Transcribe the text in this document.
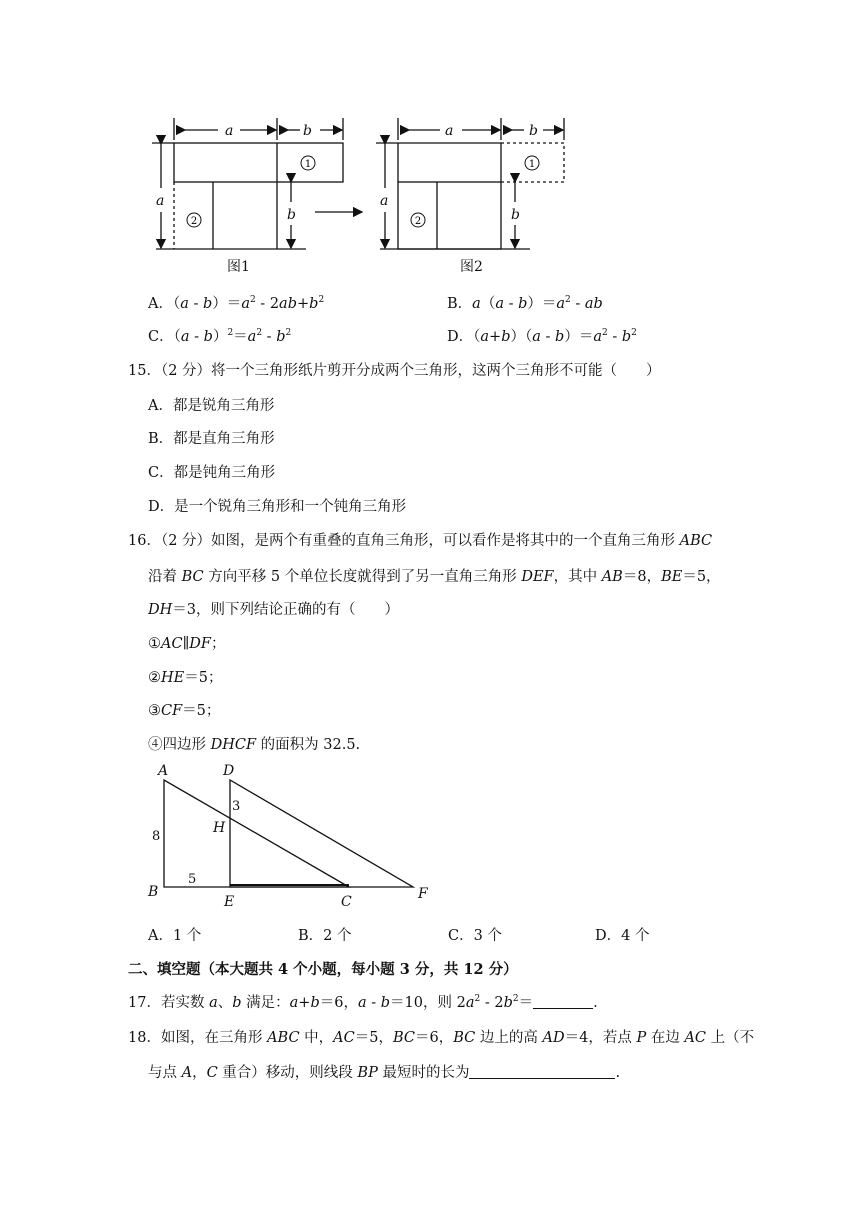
a	b
a
b
图1
a	b
a
b
图2
1
2
1
2
A．$(a - b)=a^2 - 2ab+b^2$	B．$a(a - b)=a^2$ - ab
C．$(a - b)^2=a^2 - b^2$	D．$(a+b)(a - b)=a^2 - b^2$
15．（2 分）将一个三角形纸片剪开分成两个三角形，这两个三角形不可能（　　）
A．都是锐角三角形
B．都是直角三角形
C．都是钝角三角形
D．是一个锐角三角形和一个钝角三角形
16．（2 分）如图，是两个有重叠的直角三角形，可以看作是将其中的一个直角三角形 ABC
沿着 BC 方向平移 5 个单位长度就得到了另一直角三角形 DEF，其中 AB＝8，BE＝5，
DH＝3，则下列结论正确的有（　　）
①AC∥DF；
②HE＝5；
③CF＝5；
④四边形 DHCF 的面积为 32.5.
A	D
H
B
E	C	F
8
3
5
A．1 个	B．2 个	C．3 个	D．4 个
二、填空题（本大题共 4 个小题，每小题 3 分，共 12 分）
17．若实数 a、b 满足：a+b＝6，a - b＝10，则 $2a^2 - 2b^2=$	.
18．如图，在三角形 ABC 中，AC＝5，BC＝6，BC 边上的高 AD＝4，若点 P 在边 AC 上（不
与点 A，C 重合）移动，则线段 BP 最短时的长为	.
